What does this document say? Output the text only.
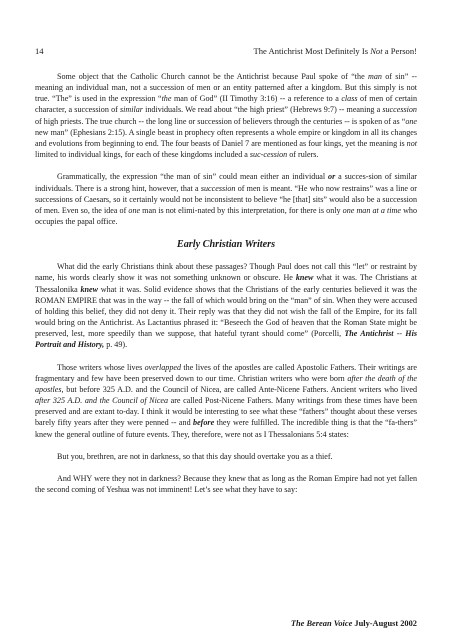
14	The Antichrist Most Definitely Is Not a Person!

Some object that the Catholic Church cannot be the Antichrist because Paul spoke of “the man of sin” -- meaning an individual man, not a succession of men or an entity patterned after a kingdom. But this simply is not true. “The” is used in the expression “the man of God” (II Timothy 3:16) -- a reference to a class of men of certain character, a succession of similar individuals. We read about “the high priest” (Hebrews 9:7) -- meaning a succession of high priests. The true church -- the long line or succession of believers through the centuries -- is spoken of as “one new man” (Ephesians 2:15). A single beast in prophecy often represents a whole empire or kingdom in all its changes and evolutions from beginning to end. The four beasts of Daniel 7 are mentioned as four kings, yet the meaning is not limited to individual kings, for each of these kingdoms included a suc-cession of rulers.

Grammatically, the expression “the man of sin” could mean either an individual or a succes-sion of similar individuals. There is a strong hint, however, that a succession of men is meant. “He who now restrains” was a line or successions of Caesars, so it certainly would not be inconsistent to believe “he [that] sits” would also be a succession of men. Even so, the idea of one man is not elimi-nated by this interpretation, for there is only one man at a time who occupies the papal office.

Early Christian Writers

What did the early Christians think about these passages? Though Paul does not call this “let” or restraint by name, his words clearly show it was not something unknown or obscure. He knew what it was. The Christians at Thessalonika knew what it was. Solid evidence shows that the Christians of the early centuries believed it was the ROMAN EMPIRE that was in the way -- the fall of which would bring on the “man” of sin. When they were accused of holding this belief, they did not deny it. Their reply was that they did not wish the fall of the Empire, for its fall would bring on the Antichrist. As Lactantius phrased it: “Beseech the God of heaven that the Roman State might be preserved, lest, more speedily than we suppose, that hateful tyrant should come” (Porcelli, The Antichrist -- His Portrait and History, p. 49).

Those writers whose lives overlapped the lives of the apostles are called Apostolic Fathers. Their writings are fragmentary and few have been preserved down to our time. Christian writers who were born after the death of the apostles, but before 325 A.D. and the Council of Nicea, are called Ante-Nicene Fathers. Ancient writers who lived after 325 A.D. and the Council of Nicea are called Post-Nicene Fathers. Many writings from these times have been preserved and are extant to-day. I think it would be interesting to see what these “fathers” thought about these verses barely fifty years after they were penned -- and before they were fulfilled. The incredible thing is that the “fa-thers” knew the general outline of future events. They, therefore, were not as I Thessalonians 5:4 states:

But you, brethren, are not in darkness, so that this day should overtake you as a thief.

And WHY were they not in darkness? Because they knew that as long as the Roman Empire had not yet fallen the second coming of Yeshua was not imminent! Let’s see what they have to say:

The Berean Voice July-August 2002
